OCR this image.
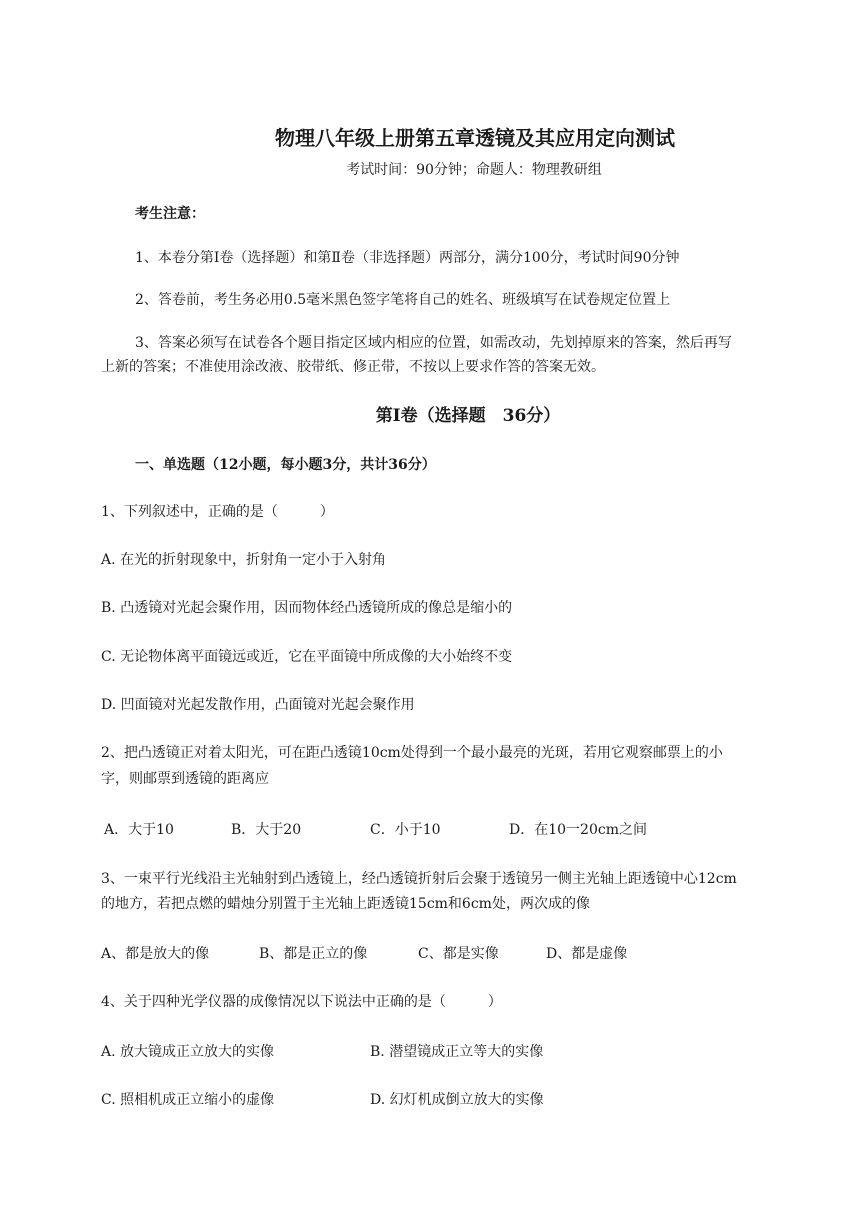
物理八年级上册第五章透镜及其应用定向测试
考试时间：90分钟；命题人：物理教研组
考生注意：
1、本卷分第Ⅰ卷（选择题）和第Ⅱ卷（非选择题）两部分，满分100分，考试时间90分钟
2、答卷前，考生务必用0.5毫米黑色签字笔将自己的姓名、班级填写在试卷规定位置上
3、答案必须写在试卷各个题目指定区域内相应的位置，如需改动，先划掉原来的答案，然后再写
上新的答案；不准使用涂改液、胶带纸、修正带，不按以上要求作答的答案无效。
第Ⅰ卷（选择题　36分）
一、单选题（12小题，每小题3分，共计36分）
1、下列叙述中，正确的是（　　　）
A. 在光的折射现象中，折射角一定小于入射角
B. 凸透镜对光起会聚作用，因而物体经凸透镜所成的像总是缩小的
C. 无论物体离平面镜远或近，它在平面镜中所成像的大小始终不变
D. 凹面镜对光起发散作用，凸面镜对光起会聚作用
2、把凸透镜正对着太阳光，可在距凸透镜10cm处得到一个最小最亮的光斑，若用它观察邮票上的小
字，则邮票到透镜的距离应
A．大于10	B．大于20	C．小于10	D．在10一20cm之间
3、一束平行光线沿主光轴射到凸透镜上，经凸透镜折射后会聚于透镜另一侧主光轴上距透镜中心12cm
的地方，若把点燃的蜡烛分别置于主光轴上距透镜15cm和6cm处，两次成的像
A、都是放大的像	B、都是正立的像	C、都是实像	D、都是虚像
4、关于四种光学仪器的成像情况以下说法中正确的是（　　　）
A. 放大镜成正立放大的实像	B. 潜望镜成正立等大的实像
C. 照相机成正立缩小的虚像	D. 幻灯机成倒立放大的实像
